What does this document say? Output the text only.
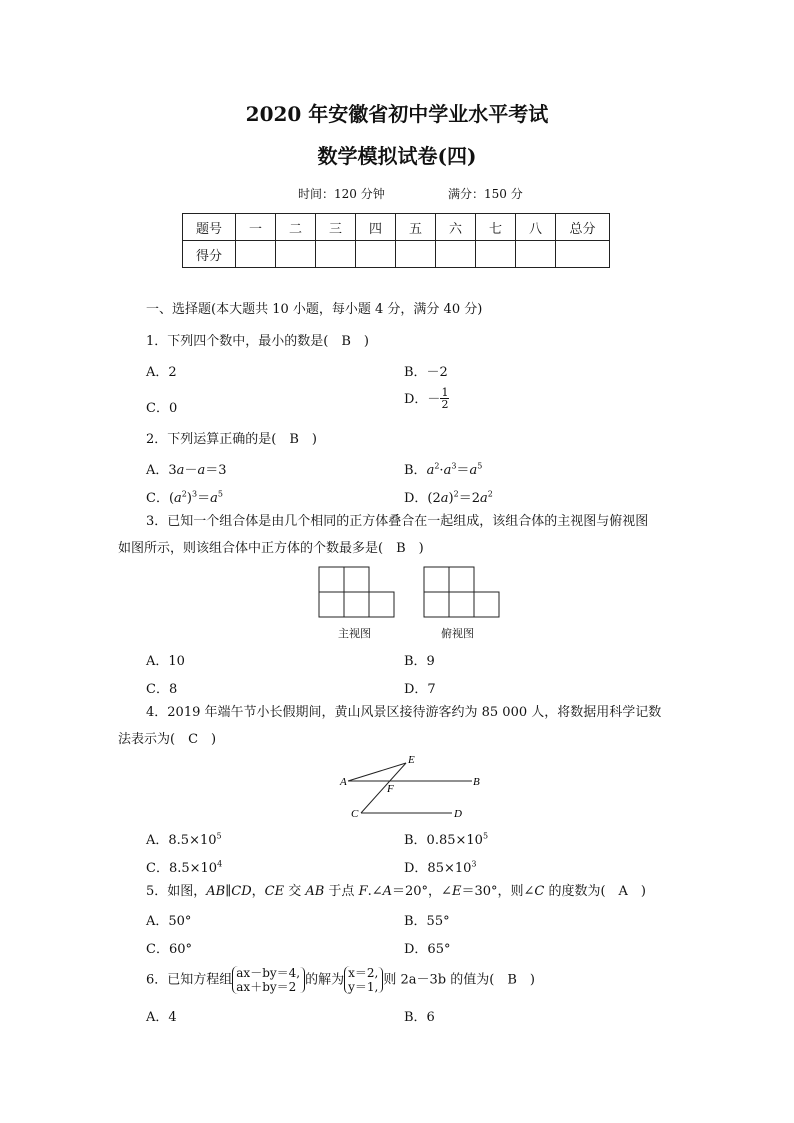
2020 年安徽省初中学业水平考试
数学模拟试卷(四)
时间：120 分钟	满分：150 分
题号	一	二	三	四	五	六	七	八	总分
得分									
一、选择题(本大题共 10 小题，每小题 4 分，满分 40 分)
1．下列四个数中，最小的数是(　B　)
A．2	B．－2
C．0
D．－ $\frac{1}{2}$
2．下列运算正确的是(　B　)
A．3a－a＝3	B．$a^2\cdot a^3=a^5$
C．$(a^2)^3=a^5$	D．$(2a)^2=2a^2$
3．已知一个组合体是由几个相同的正方体叠合在一起组成，该组合体的主视图与俯视图
如图所示，则该组合体中正方体的个数最多是(　B　)
主视图	俯视图
A．10	B．9
C．8	D．7
4．2019 年端午节小长假期间，黄山风景区接待游客约为 85 000 人，将数据用科学记数
法表示为(　C　)
A	B
C	D
E
F
A．$8.5\times 10^5$	B．$0.85\times 10^5$
C．$8.5\times 10^4$	D．$85\times 10^3$
5．如图，AB∥CD，CE 交 AB 于点 F.∠A＝20°，∠E＝30°，则∠C 的度数为(　A　)
A．50°	B．55°
C．60°	D．65°
6．已知方程组 ax－by＝4,
ax＋by＝2 的解为 x＝2,
y＝1, 则 2a－3b 的值为(　B　)
A．4	B．6
